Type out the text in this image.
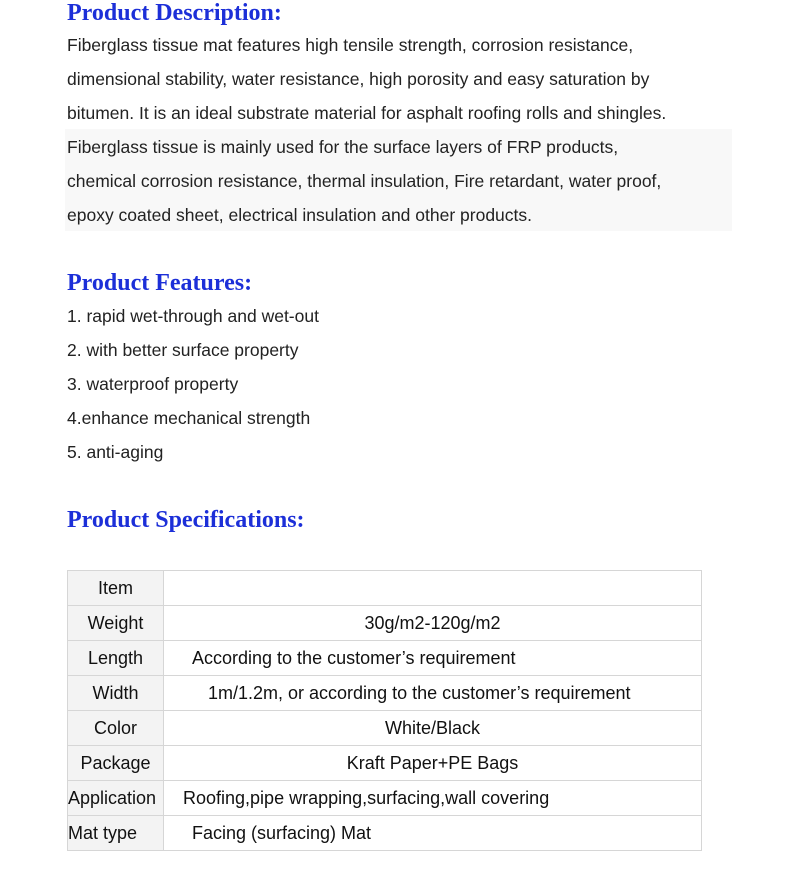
Product Description:
Fiberglass tissue mat features high tensile strength, corrosion resistance,
dimensional stability, water resistance, high porosity and easy saturation by
bitumen. It is an ideal substrate material for asphalt roofing rolls and shingles.
Fiberglass tissue is mainly used for the surface layers of FRP products,
chemical corrosion resistance, thermal insulation, Fire retardant, water proof,
epoxy coated sheet, electrical insulation and other products.
Product Features:
1. rapid wet-through and wet-out
2. with better surface property
3. waterproof property
4.enhance mechanical strength
5. anti-aging
Product Specifications:
Item	
Weight	30g/m2-120g/m2
Length	According to the customer’s requirement
Width	1m/1.2m, or according to the customer’s requirement
Color	White/Black
Package	Kraft Paper+PE Bags
Application	Roofing,pipe wrapping,surfacing,wall covering
Mat type	Facing (surfacing) Mat
